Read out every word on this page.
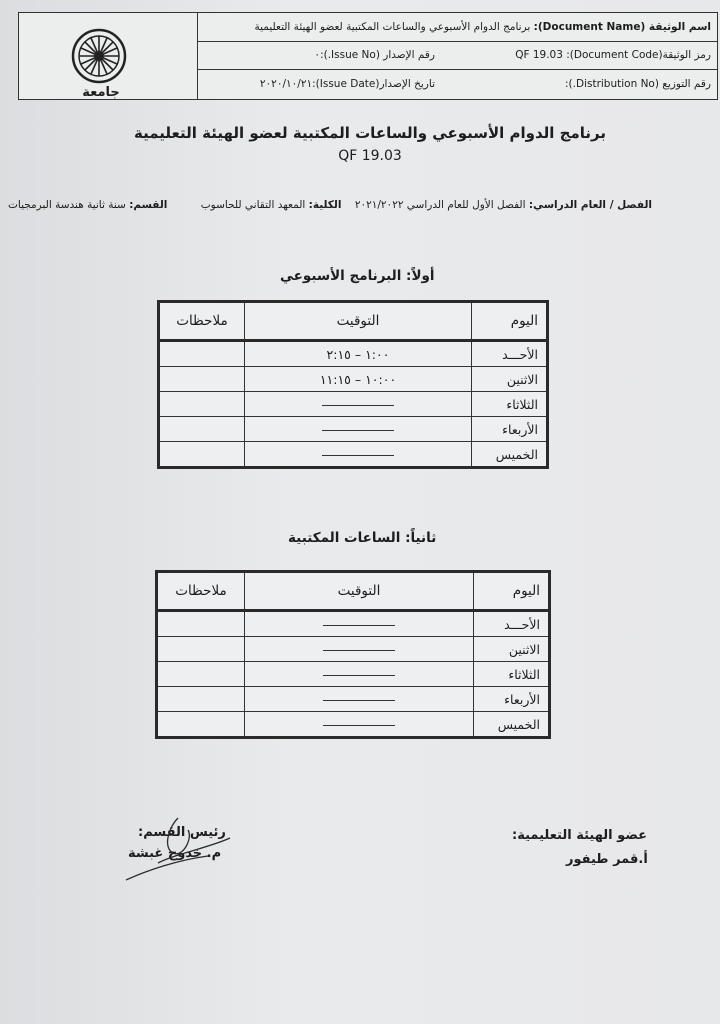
جامعة
اسم الوثيقة (Document Name):

برنامج الدوام الأسبوعي والساعات المكتبية لعضو الهيئة التعليمية
رمز الوثيقة(Document Code):

QF 19.03
رقم الإصدار (Issue No.):
٠
رقم التوزيع (Distribution No.):
تاريخ الإصدار(Issue Date):
٢٠٢٠/١٠/٢١
برنامج الدوام الأسبوعي والساعات المكتبية لعضو الهيئة التعليمية
QF 19.03
الفصل / العام الدراسي: الفصل الأول للعام الدراسي ٢٠٢١/٢٠٢٢    الكلية: المعهد التقاني للحاسوب          القسم: سنة ثانية هندسة البرمجيات
أولاً: البرنامج الأسبوعي
اليوم	التوقيت	ملاحظات
الأحـــد	١:٠٠ – ٢:١٥	
الاثنين	١٠:٠٠ – ١١:١٥	
الثلاثاء		
الأربعاء		
الخميس		
ثانياً: الساعات المكتبية
اليوم	التوقيت	ملاحظات
الأحـــد		
الاثنين		
الثلاثاء		
الأربعاء		
الخميس		
عضو الهيئة التعليمية:
أ.قمر طيفور
رئيس القسم:
م. خدوج غبشة
